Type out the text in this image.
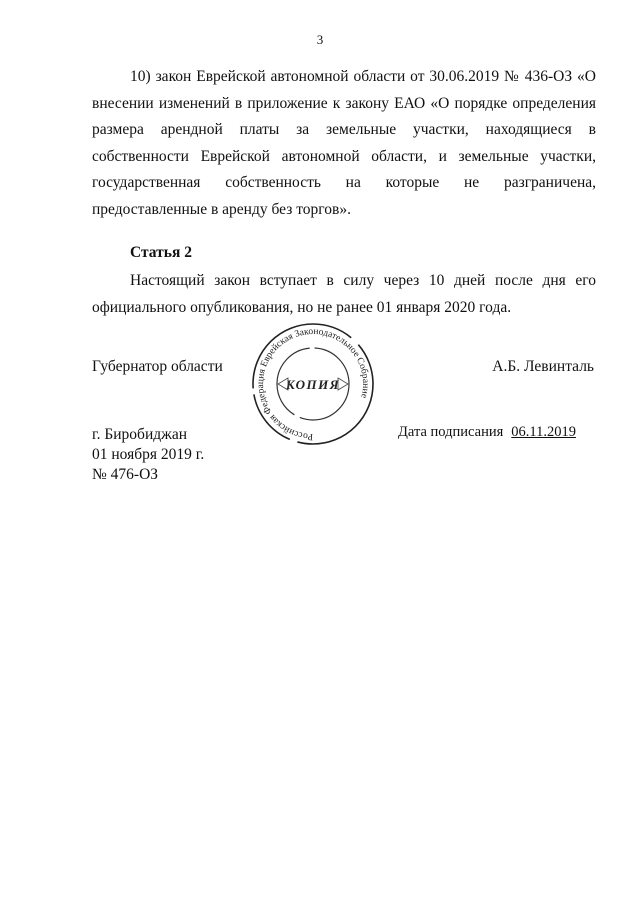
3

10) закон Еврейской автономной области от 30.06.2019 № 436-ОЗ «О внесении изменений в приложение к закону ЕАО «О порядке определения размера арендной платы за земельные участки, находящиеся в собственности Еврейской автономной области, и земельные участки, государственная собственность на которые не разграничена, предоставленные в аренду без торгов».

Статья 2

Настоящий закон вступает в силу через 10 дней после дня его официального опубликования, но не ранее 01 января 2020 года.

Губернатор области	А.Б. Левинталь
Российская Федерация Еврейская Законодательное Собрание
КОПИЯ
Дата подписания 06.11.2019
г. Биробиджан
01 ноября 2019 г.
№ 476-ОЗ
